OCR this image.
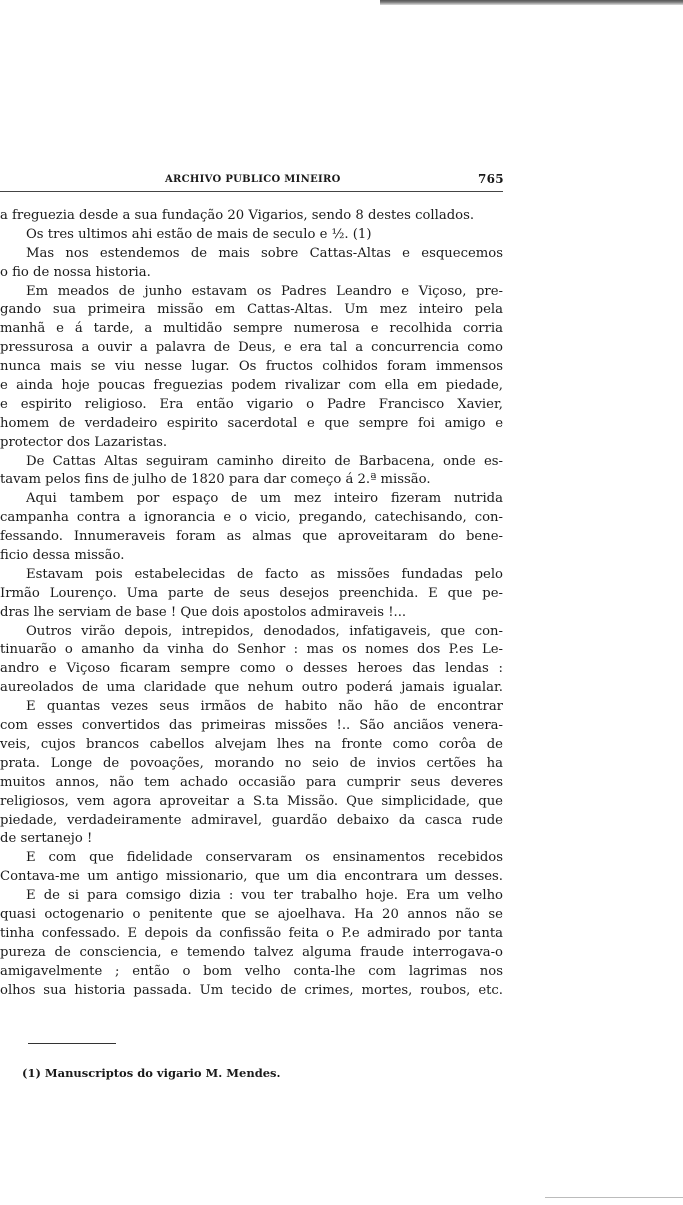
ARCHIVO PUBLICO MINEIRO	765
a freguezia desde a sua fundação 20 Vigarios, sendo 8 destes collados.
Os tres ultimos ahi estão de mais de seculo e ½. (1)
Mas nos estendemos de mais sobre Cattas-Altas e esquecemos
o fio de nossa historia.
Em meados de junho estavam os Padres Leandro e Viçoso, pre-
gando sua primeira missão em Cattas-Altas. Um mez inteiro pela
manhã e á tarde, a multidão sempre numerosa e recolhida corria
pressurosa a ouvir a palavra de Deus, e era tal a concurrencia como
nunca mais se viu nesse lugar. Os fructos colhidos foram immensos
e ainda hoje poucas freguezias podem rivalizar com ella em piedade,
e espirito religioso. Era então vigario o Padre Francisco Xavier,
homem de verdadeiro espirito sacerdotal e que sempre foi amigo e
protector dos Lazaristas.
De Cattas Altas seguiram caminho direito de Barbacena, onde es-
tavam pelos fins de julho de 1820 para dar começo á 2.ª missão.
Aqui tambem por espaço de um mez inteiro fizeram nutrida
campanha contra a ignorancia e o vicio, pregando, catechisando, con-
fessando. Innumeraveis foram as almas que aproveitaram do bene-
ficio dessa missão.
Estavam pois estabelecidas de facto as missões fundadas pelo
Irmão Lourenço. Uma parte de seus desejos preenchida. E que pe-
dras lhe serviam de base ! Que dois apostolos admiraveis !...
Outros virão depois, intrepidos, denodados, infatigaveis, que con-
tinuarão o amanho da vinha do Senhor : mas os nomes dos P.es Le-
andro e Viçoso ficaram sempre como o desses heroes das lendas :
aureolados de uma claridade que nehum outro poderá jamais igualar.
E quantas vezes seus irmãos de habito não hão de encontrar
com esses convertidos das primeiras missões !.. São anciãos venera-
veis, cujos brancos cabellos alvejam lhes na fronte como corôa de
prata. Longe de povoações, morando no seio de invios certões ha
muitos annos, não tem achado occasião para cumprir seus deveres
religiosos, vem agora aproveitar a S.ta Missão. Que simplicidade, que
piedade, verdadeiramente admiravel, guardão debaixo da casca rude
de sertanejo !
E com que fidelidade conservaram os ensinamentos recebidos
Contava-me um antigo missionario, que um dia encontrara um desses.
E de si para comsigo dizia : vou ter trabalho hoje. Era um velho
quasi octogenario o penitente que se ajoelhava. Ha 20 annos não se
tinha confessado. E depois da confissão feita o P.e admirado por tanta
pureza de consciencia, e temendo talvez alguma fraude interrogava-o
amigavelmente ; então o bom velho conta-lhe com lagrimas nos
olhos sua historia passada. Um tecido de crimes, mortes, roubos, etc.
(1) Manuscriptos do vigario M. Mendes.
